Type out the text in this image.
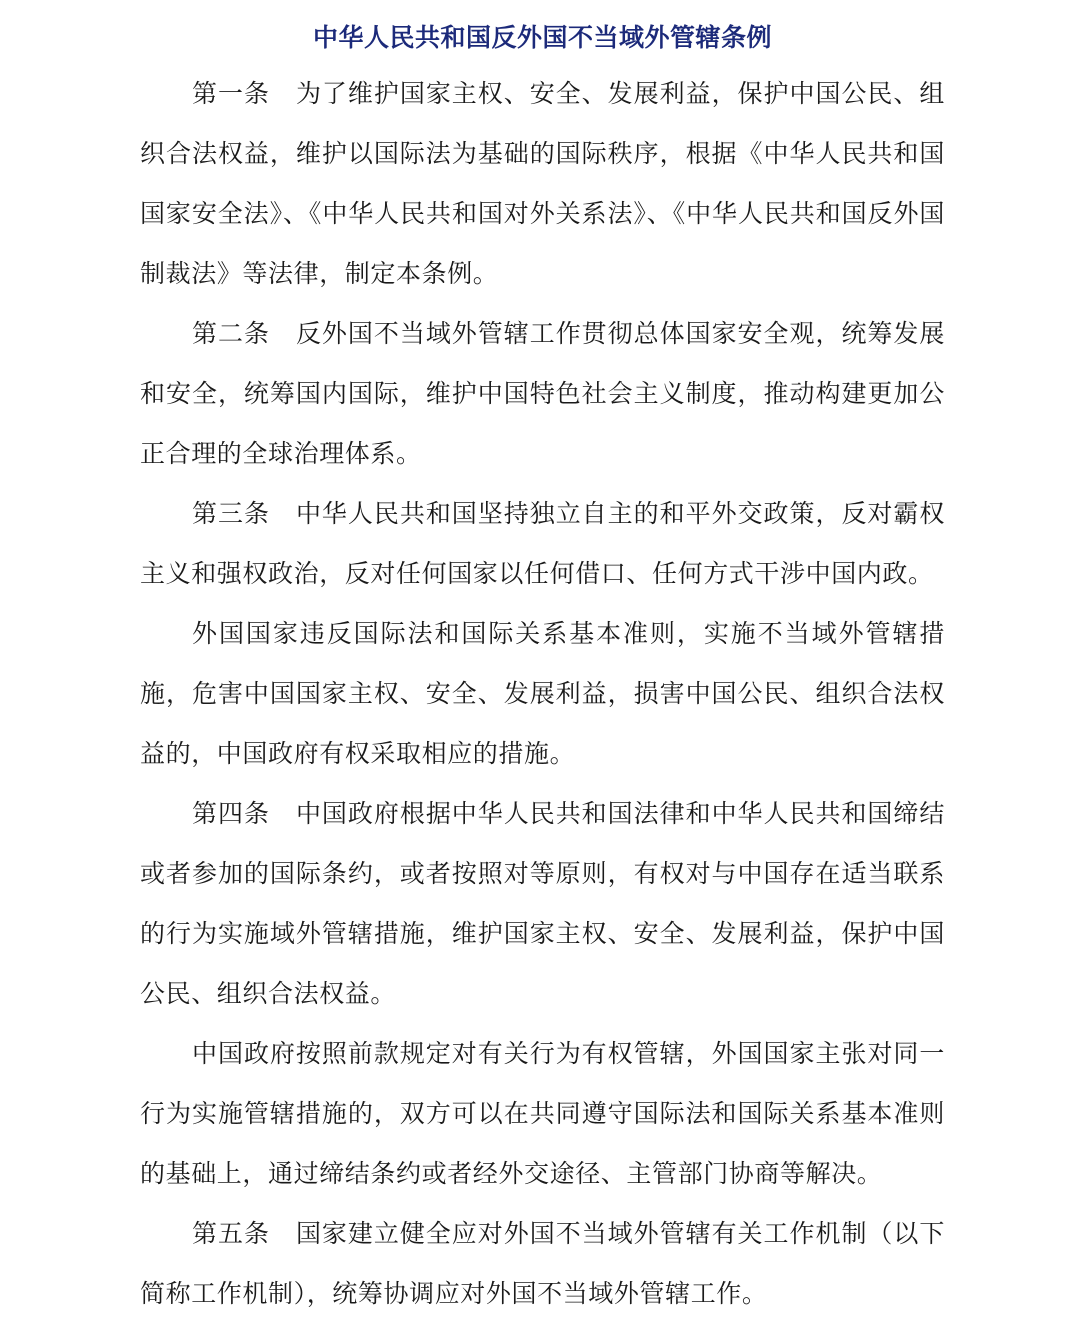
中华人民共和国反外国不当域外管辖条例

第一条 为了维护国家主权、安全、发展利益，保护中国公民、组织合法权益，维护以国际法为基础的国际秩序，根据《中华人民共和国国家安全法》、《中华人民共和国对外关系法》、《中华人民共和国反外国制裁法》等法律，制定本条例。

第二条 反外国不当域外管辖工作贯彻总体国家安全观，统筹发展和安全，统筹国内国际，维护中国特色社会主义制度，推动构建更加公正合理的全球治理体系。

第三条 中华人民共和国坚持独立自主的和平外交政策，反对霸权主义和强权政治，反对任何国家以任何借口、任何方式干涉中国内政。

外国国家违反国际法和国际关系基本准则，实施不当域外管辖措施，危害中国国家主权、安全、发展利益，损害中国公民、组织合法权益的，中国政府有权采取相应的措施。

第四条 中国政府根据中华人民共和国法律和中华人民共和国缔结或者参加的国际条约，或者按照对等原则，有权对与中国存在适当联系的行为实施域外管辖措施，维护国家主权、安全、发展利益，保护中国公民、组织合法权益。

中国政府按照前款规定对有关行为有权管辖，外国国家主张对同一行为实施管辖措施的，双方可以在共同遵守国际法和国际关系基本准则的基础上，通过缔结条约或者经外交途径、主管部门协商等解决。

第五条 国家建立健全应对外国不当域外管辖有关工作机制（以下简称工作机制），统筹协调应对外国不当域外管辖工作。
